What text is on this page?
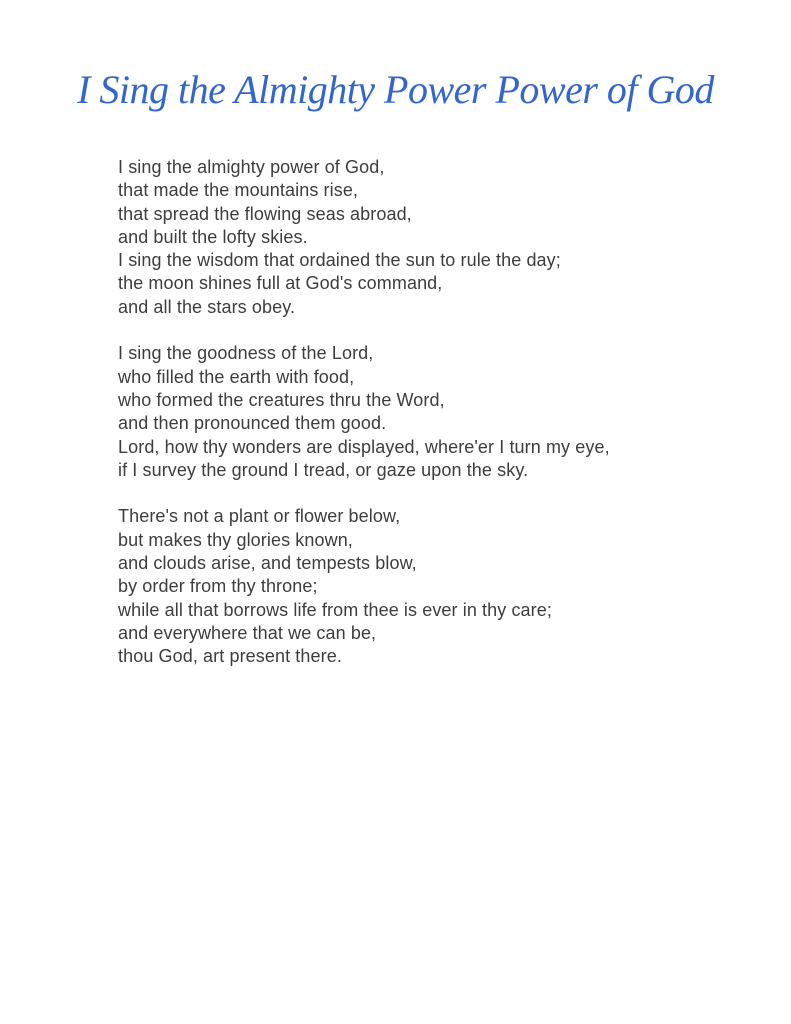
I Sing the Almighty Power Power of God

I sing the almighty power of God,
that made the mountains rise,
that spread the flowing seas abroad,
and built the lofty skies.
I sing the wisdom that ordained the sun to rule the day;
the moon shines full at God's command,
and all the stars obey.

I sing the goodness of the Lord,
who filled the earth with food,
who formed the creatures thru the Word,
and then pronounced them good.
Lord, how thy wonders are displayed, where'er I turn my eye,
if I survey the ground I tread, or gaze upon the sky.

There's not a plant or flower below,
but makes thy glories known,
and clouds arise, and tempests blow,
by order from thy throne;
while all that borrows life from thee is ever in thy care;
and everywhere that we can be,
thou God, art present there.
